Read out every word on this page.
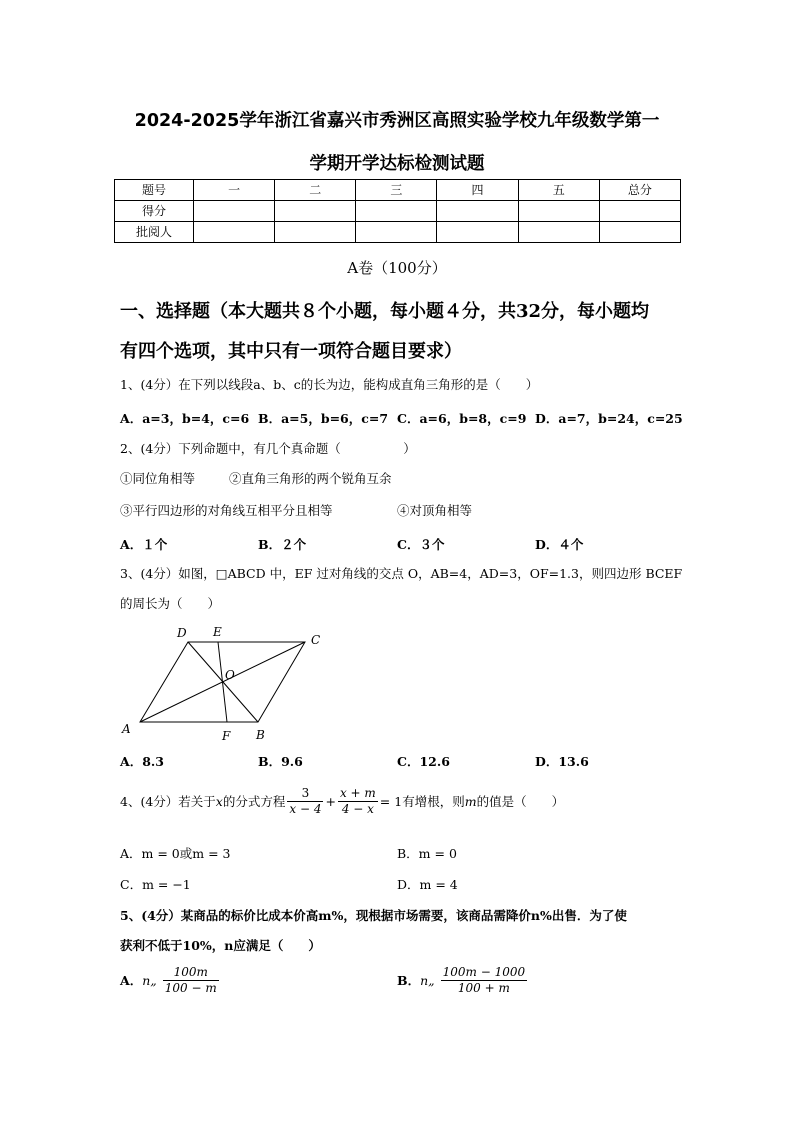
2024-2025学年浙江省嘉兴市秀洲区高照实验学校九年级数学第一
学期开学达标检测试题
题号	一	二	三	四	五	总分
得分						
批阅人						
A卷（100分）
一、选择题（本大题共８个小题，每小题４分，共32分，每小题均
有四个选项，其中只有一项符合题目要求）
1、(4分）在下列以线段a、b、c的长为边，能构成直角三角形的是（　　）
A．a=3，b=4，c=6 B．a=5，b=6，c=7 C．a=6，b=8，c=9 D．a=7，b=24，c=25
2、(4分）下列命题中，有几个真命题（　　　　　）
①同位角相等	②直角三角形的两个锐角互余
③平行四边形的对角线互相平分且相等	④对顶角相等
A．１个	B．２个	C．３个	D．４个
3、(4分）如图，□ABCD 中，EF 过对角线的交点 O，AB=4，AD=3，OF=1.3，则四边形 BCEF
的周长为（　　）
D E
C
O
A	F B
A．8.3	B．9.6	C．12.6	D．13.6
4、(4分）若关于 x 的分式方程 $\frac{3}{x - 4} + \frac{x + m}{4 - x} = 1$ 有增根，则 m 的值是（　　）
A．m = 0或m = 3	B．m = 0
C．m = −1	D．m = 4
5、(4分）某商品的标价比成本价高m%，现根据市场需要，该商品需降价n%出售．为了使
获利不低于10%，n应满足（　　）
A． n„ $\frac{100m}{100 - m}$	B． n„ $\frac{100m - 1000}{100 + m}$
